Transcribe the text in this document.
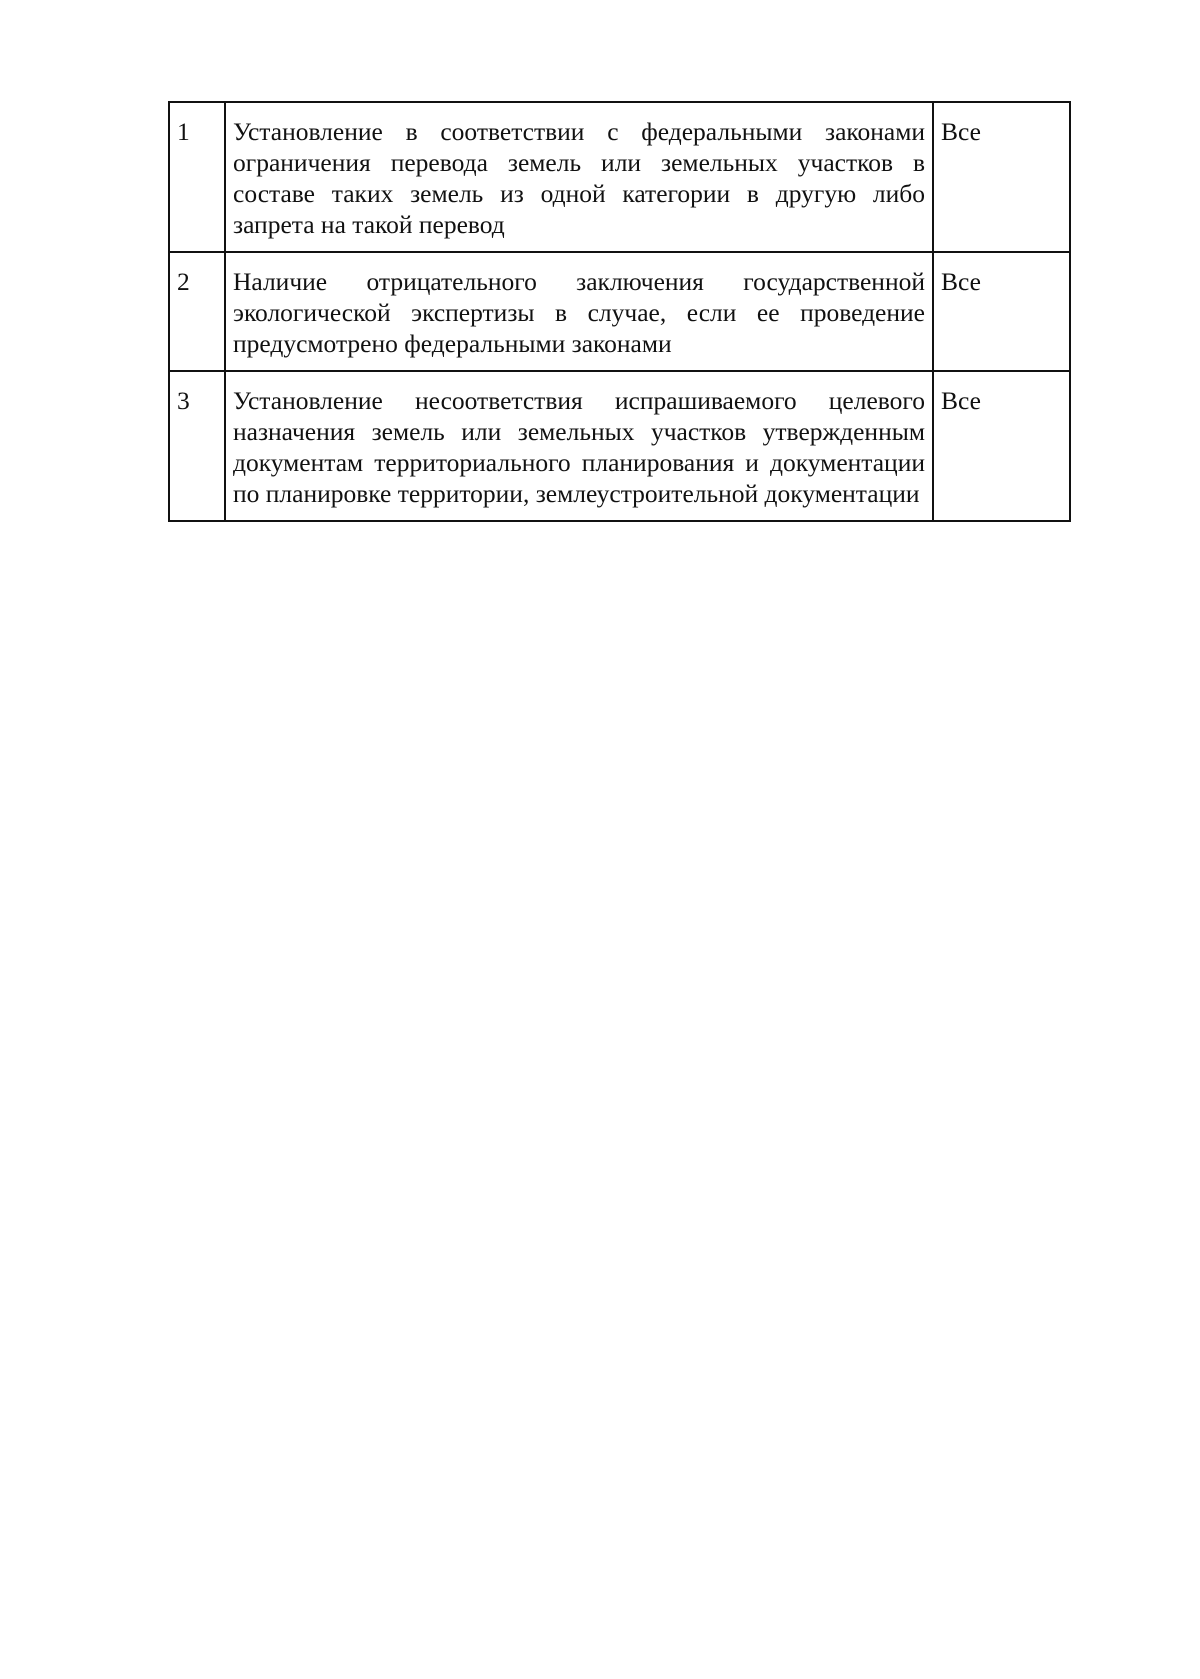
1	Установление в соответствии с федеральными законами ограничения перевода земель или земельных участков в составе таких земель из одной категории в другую либо запрета на такой перевод	Все
2	Наличие отрицательного заключения государственной экологической экспертизы в случае, если ее проведение предусмотрено федеральными законами	Все
3	Установление несоответствия испрашиваемого целевого назначения земель или земельных участков утвержденным документам территориального планирования и документации по планировке территории, землеустроительной документации	Все
